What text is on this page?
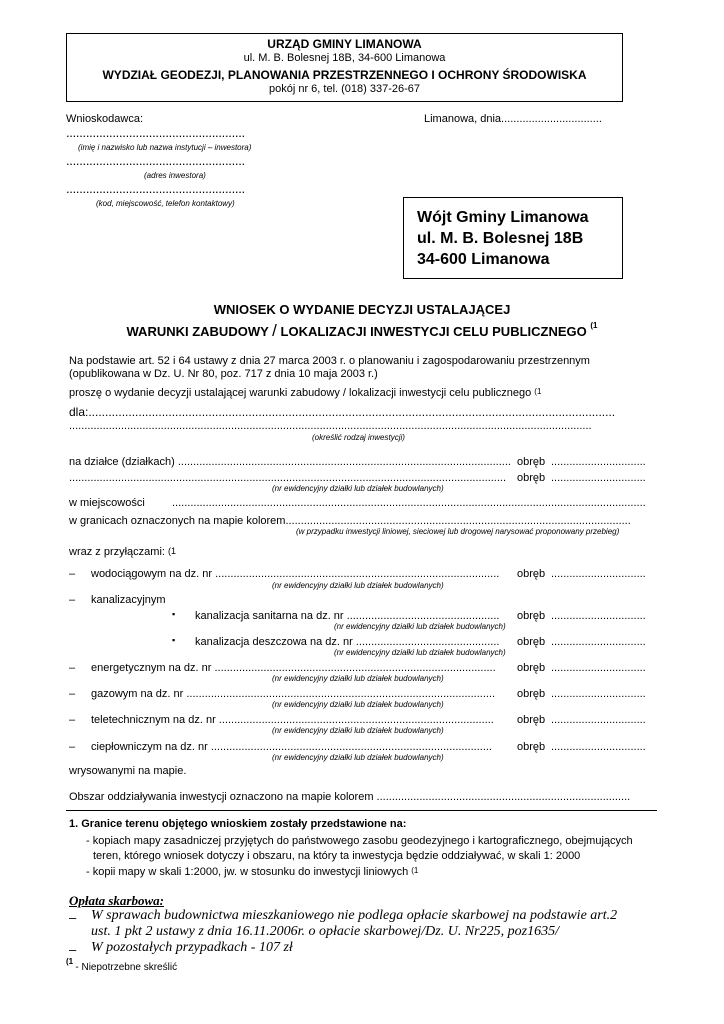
URZĄD GMINY LIMANOWA
ul. M. B. Bolesnej 18B, 34-600 Limanowa
WYDZIAŁ GEODEZJI, PLANOWANIA PRZESTRZENNEGO I OCHRONY ŚRODOWISKA
pokój nr 6, tel. (018) 337-26-67
Wnioskodawca:	Limanowa, dnia.................................
......................................................
(imię i nazwisko lub nazwa instytucji – inwestora)
......................................................
(adres inwestora)
......................................................
(kod, miejscowość, telefon kontaktowy)
Wójt Gminy Limanowa
ul. M. B. Bolesnej 18B
34-600 Limanowa
WNIOSEK O WYDANIE DECYZJI USTALAJĄCEJ
WARUNKI ZABUDOWY / LOKALIZACJI INWESTYCJI CELU PUBLICZNEGO $^{(1}$
Na podstawie art. 52 i 64 ustawy z dnia 27 marca 2003 r. o planowaniu i zagospodarowaniu przestrzennym
(opublikowana w Dz. U. Nr 80, poz. 717 z dnia 10 maja 2003 r.)
proszę o wydanie decyzji ustalającej warunki zabudowy / lokalizacji inwestycji celu publicznego $^{(1}$
dla:..............................................................................................................................................................
...........................................................................................................................................................................
(określić rodzaj inwestycji)
na działce (działkach) ............................................................................................................. obręb ...............................
............................................................................................................................................... obręb ...............................
(nr ewidencyjny działki lub działek budowlanych)
w miejscowości ...........................................................................................................................................................
w granicach oznaczonych na mapie kolorem.................................................................................................................
(w przypadku inwestycji liniowej, sieciowej lub drogowej narysować proponowany przebieg)
wraz z przyłączami: $^{(1}$
– wodociągowym na dz. nr ............................................................................................. obręb ...............................
(nr ewidencyjny działki lub działek budowlanych)
– kanalizacyjnym
▪ kanalizacja sanitarna na dz. nr .................................................. obręb ...............................
(nr ewidencyjny działki lub działek budowlanych)
▪ kanalizacja deszczowa na dz. nr ............................................... obręb ...............................
(nr ewidencyjny działki lub działek budowlanych)
– energetycznym na dz. nr ............................................................................................ obręb ...............................
(nr ewidencyjny działki lub działek budowlanych)
– gazowym na dz. nr ..................................................................................................... obręb ...............................
(nr ewidencyjny działki lub działek budowlanych)
– teletechnicznym na dz. nr .......................................................................................... obręb ...............................
(nr ewidencyjny działki lub działek budowlanych)
– ciepłowniczym na dz. nr ............................................................................................ obręb ...............................
(nr ewidencyjny działki lub działek budowlanych)
wrysowanymi na mapie.
Obszar oddziaływania inwestycji oznaczono na mapie kolorem ...................................................................................
1. Granice terenu objętego wnioskiem zostały przedstawione na:
- kopiach mapy zasadniczej przyjętych do państwowego zasobu geodezyjnego i kartograficznego, obejmujących
teren, którego wniosek dotyczy i obszaru, na który ta inwestycja będzie oddziaływać, w skali 1: 2000
- kopii mapy w skali 1:2000, jw. w stosunku do inwestycji liniowych $^{(1}$
Opłata skarbowa:
– W sprawach budownictwa mieszkaniowego nie podlega opłacie skarbowej na podstawie art.2
ust. 1 pkt 2 ustawy z dnia 16.11.2006r. o opłacie skarbowej/Dz. U. Nr225, poz1635/
– W pozostałych przypadkach - 107 zł
(1 - Niepotrzebne skreślić
